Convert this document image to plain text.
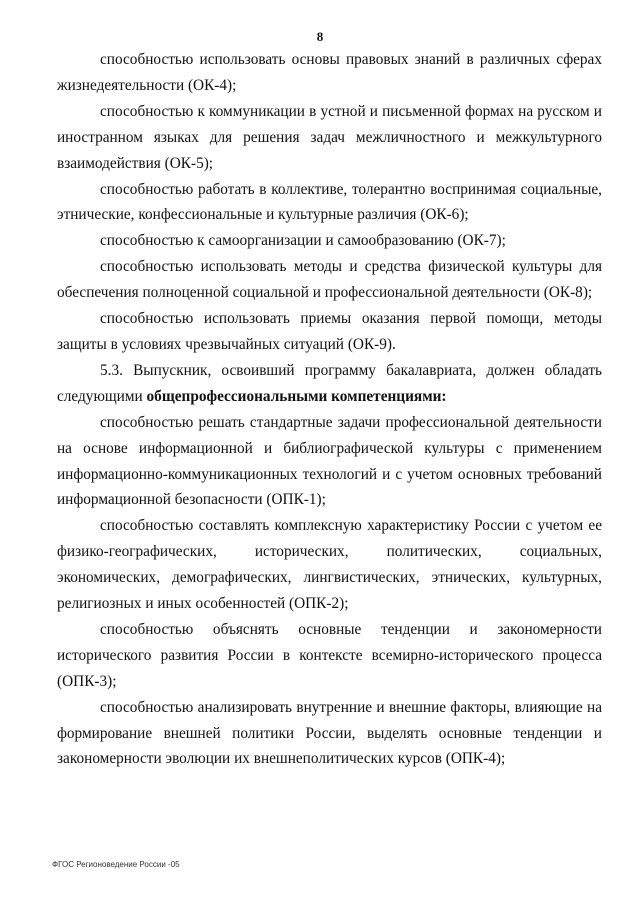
8

способностью использовать основы правовых знаний в различных сферах жизнедеятельности (ОК-4);

способностью к коммуникации в устной и письменной формах на русском и иностранном языках для решения задач межличностного и межкультурного взаимодействия (ОК-5);

способностью работать в коллективе, толерантно воспринимая социальные, этнические, конфессиональные и культурные различия (ОК-6);

способностью к самоорганизации и самообразованию (ОК-7);

способностью использовать методы и средства физической культуры для обеспечения полноценной социальной и профессиональной деятельности (ОК-8);

способностью использовать приемы оказания первой помощи, методы защиты в условиях чрезвычайных ситуаций (ОК-9).

5.3. Выпускник, освоивший программу бакалавриата, должен обладать следующими общепрофессиональными компетенциями:

способностью решать стандартные задачи профессиональной деятельности на основе информационной и библиографической культуры с применением информационно-коммуникационных технологий и с учетом основных требований информационной безопасности (ОПК-1);

способностью составлять комплексную характеристику России с учетом ее физико-географических, исторических, политических, социальных, экономических, демографических, лингвистических, этнических, культурных, религиозных и иных особенностей (ОПК-2);

способностью объяснять основные тенденции и закономерности исторического развития России в контексте всемирно-исторического процесса (ОПК-3);

способностью анализировать внутренние и внешние факторы, влияющие на формирование внешней политики России, выделять основные тенденции и закономерности эволюции их внешнеполитических курсов (ОПК-4);

ФГОС Регионоведение России -05
